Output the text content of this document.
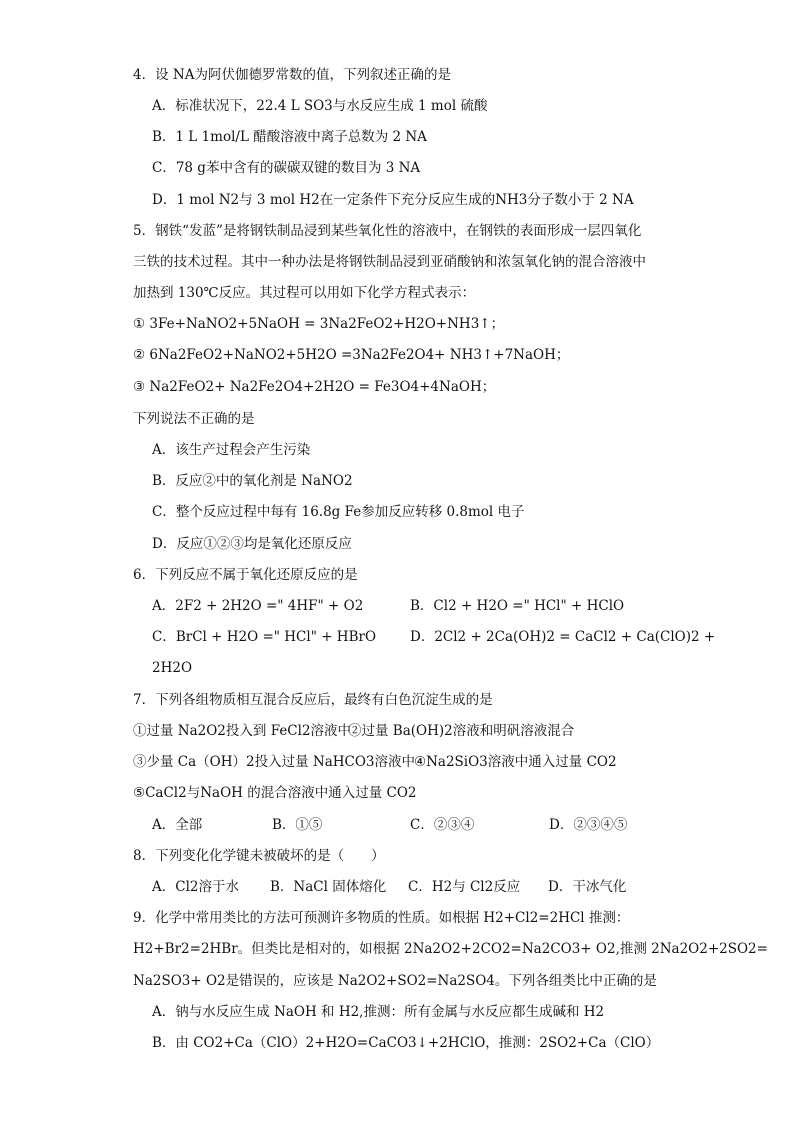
4．设 NA为阿伏伽德罗常数的值，下列叙述正确的是
A．标准状况下，22.4 L SO3与水反应生成 1 mol 硫酸
B．1 L 1mol/L 醋酸溶液中离子总数为 2 NA
C．78 g苯中含有的碳碳双键的数目为 3 NA
D．1 mol N2与 3 mol H2在一定条件下充分反应生成的NH3分子数小于 2 NA
5．钢铁“发蓝”是将钢铁制品浸到某些氧化性的溶液中，在钢铁的表面形成一层四氧化
三铁的技术过程。其中一种办法是将钢铁制品浸到亚硝酸钠和浓氢氧化钠的混合溶液中
加热到 130℃反应。其过程可以用如下化学方程式表示：
① 3Fe+NaNO2+5NaOH = 3Na2FeO2+H2O+NH3↑；
② 6Na2FeO2+NaNO2+5H2O =3Na2Fe2O4+ NH3↑+7NaOH；
③ Na2FeO2+ Na2Fe2O4+2H2O = Fe3O4+4NaOH；
下列说法不正确的是
A．该生产过程会产生污染
B．反应②中的氧化剂是 NaNO2
C．整个反应过程中每有 16.8g Fe参加反应转移 0.8mol 电子
D．反应①②③均是氧化还原反应
6．下列反应不属于氧化还原反应的是
A．2F2 + 2H2O =" 4HF" + O2	B．Cl2 + H2O =" HCl" + HClO
C．BrCl + H2O =" HCl" + HBrO	D．2Cl2 + 2Ca(OH)2 = CaCl2 + Ca(ClO)2 +
2H2O
7．下列各组物质相互混合反应后，最终有白色沉淀生成的是
①过量 Na2O2投入到 FeCl2溶液中
②过量 Ba(OH)2溶液和明矾溶液混合
③少量 Ca（OH）2投入过量 NaHCO3溶液中
④Na2SiO3溶液中通入过量 CO2
⑤CaCl2与NaOH 的混合溶液中通入过量 CO2
A．全部	B．①⑤	C．②③④	D．②③④⑤
8．下列变化化学键未被破坏的是（　　）
A．Cl2溶于水 B．NaCl 固体熔化 C．H2与 Cl2反应 D．干冰气化
9．化学中常用类比的方法可预测许多物质的性质。如根据 H2+Cl2=2HCl 推测：
H2+Br2=2HBr。但类比是相对的，如根据 2Na2O2+2CO2=Na2CO3+ O2,推测 2Na2O2+2SO2=
Na2SO3+ O2是错误的，应该是 Na2O2+SO2=Na2SO4。下列各组类比中正确的是
A．钠与水反应生成 NaOH 和 H2,推测：所有金属与水反应都生成碱和 H2
B．由 CO2+Ca（ClO）2+H2O=CaCO3↓+2HClO，推测：2SO2+Ca（ClO）
